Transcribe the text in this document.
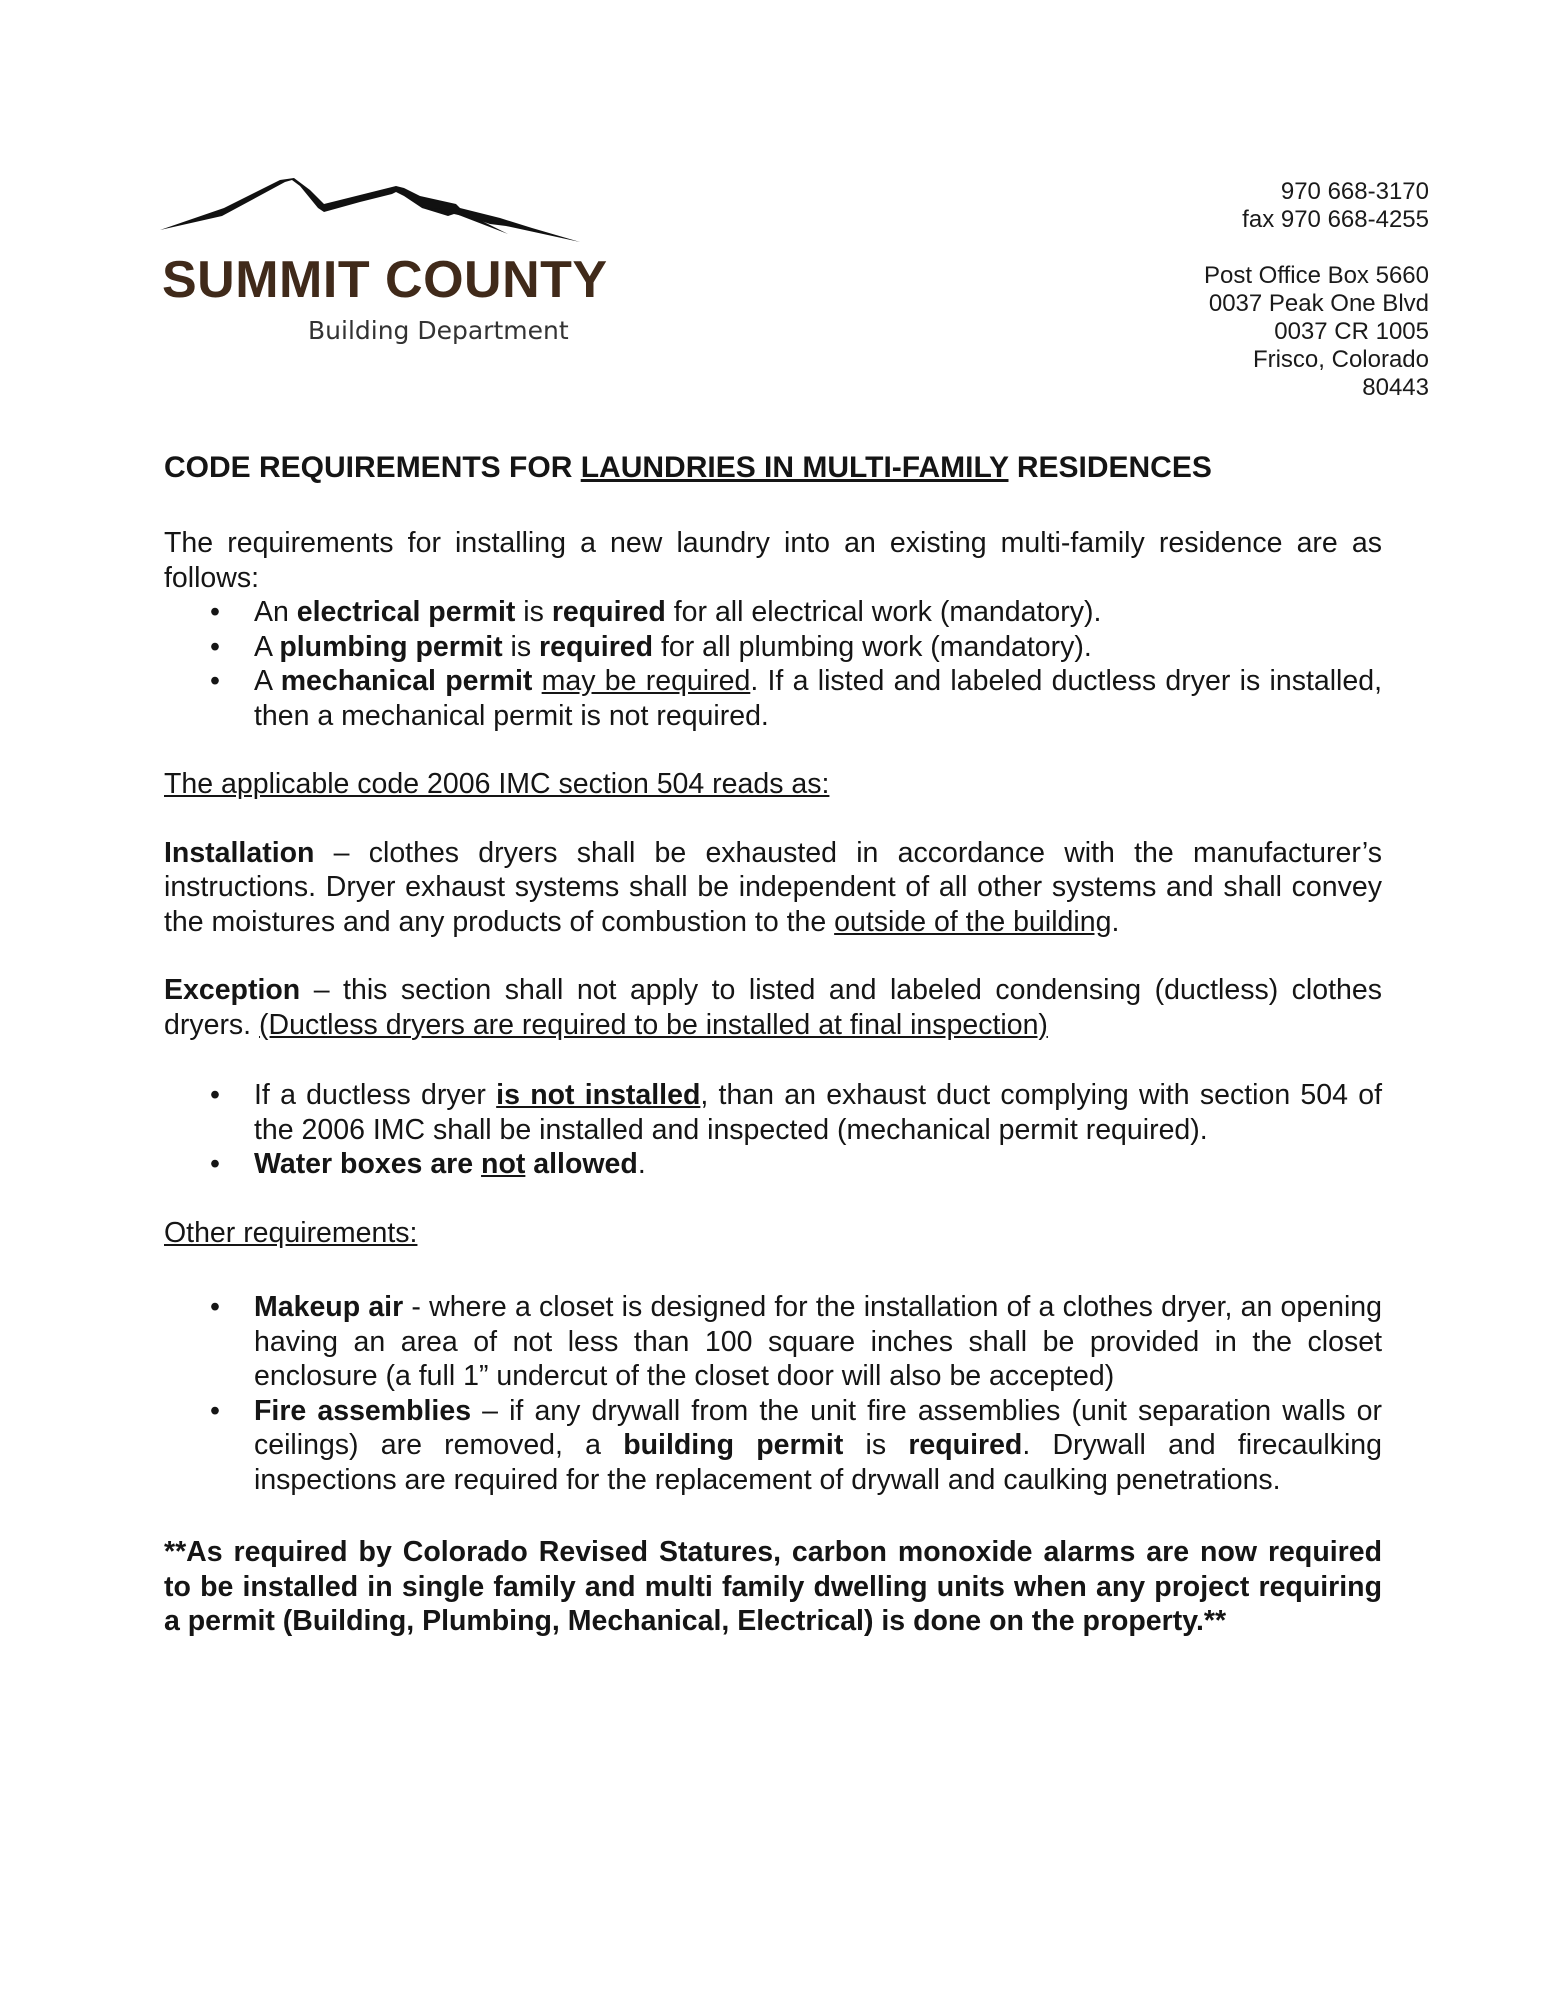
SUMMIT COUNTY
Building Department
970 668-3170
fax 970 668-4255
Post Office Box 5660
0037 Peak One Blvd
0037 CR 1005
Frisco, Colorado
80443
CODE REQUIREMENTS FOR LAUNDRIES IN MULTI-FAMILY RESIDENCES

The requirements for installing a new laundry into an existing multi-family residence are as follows:

• An electrical permit is required for all electrical work (mandatory).
• A plumbing permit is required for all plumbing work (mandatory).
• A mechanical permit may be required. If a listed and labeled ductless dryer is installed, then a mechanical permit is not required.

The applicable code 2006 IMC section 504 reads as:

Installation – clothes dryers shall be exhausted in accordance with the manufacturer’s instructions. Dryer exhaust systems shall be independent of all other systems and shall convey the moistures and any products of combustion to the outside of the building.

Exception – this section shall not apply to listed and labeled condensing (ductless) clothes dryers. (Ductless dryers are required to be installed at final inspection)

• If a ductless dryer is not installed, than an exhaust duct complying with section 504 of the 2006 IMC shall be installed and inspected (mechanical permit required).
• Water boxes are not allowed.

Other requirements:

• Makeup air - where a closet is designed for the installation of a clothes dryer, an opening having an area of not less than 100 square inches shall be provided in the closet enclosure (a full 1” undercut of the closet door will also be accepted)
• Fire assemblies – if any drywall from the unit fire assemblies (unit separation walls or ceilings) are removed, a building permit is required. Drywall and firecaulking inspections are required for the replacement of drywall and caulking penetrations.

**As required by Colorado Revised Statures, carbon monoxide alarms are now required to be installed in single family and multi family dwelling units when any project requiring a permit (Building, Plumbing, Mechanical, Electrical) is done on the property.**
